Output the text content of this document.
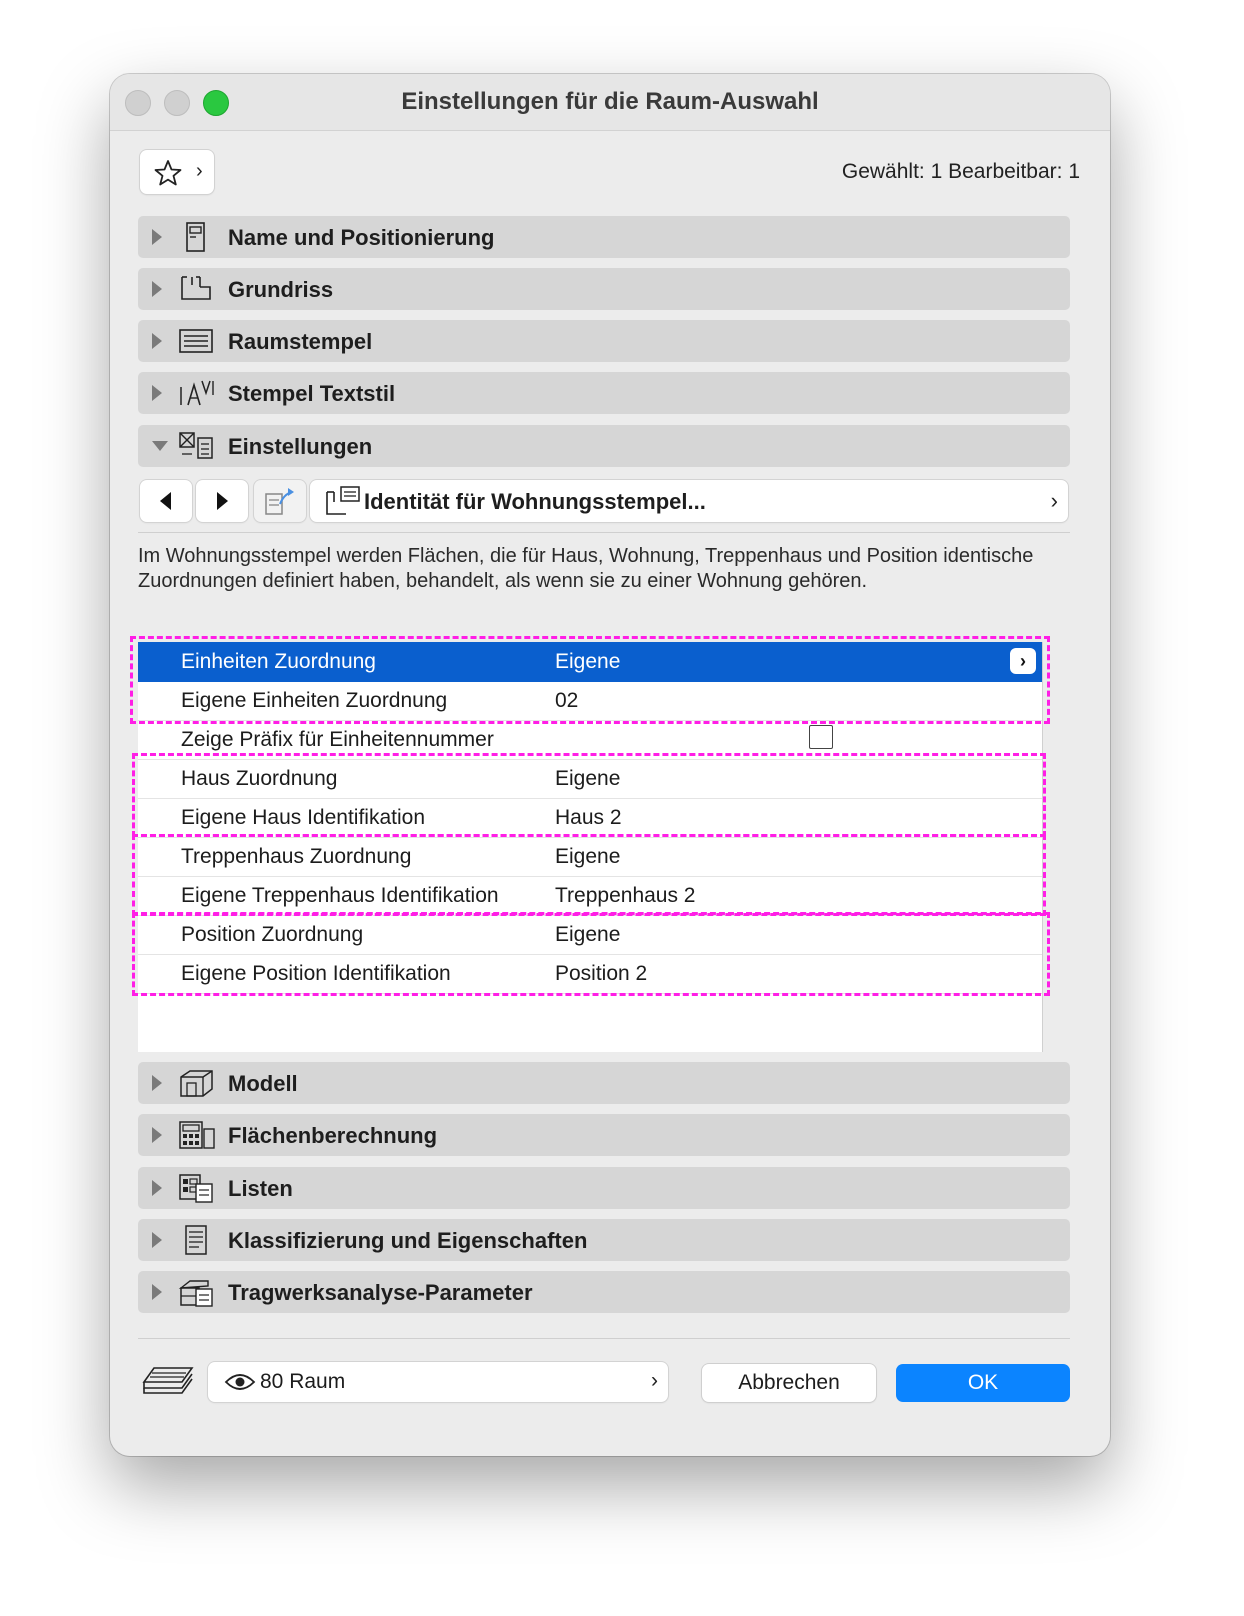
Einstellungen für die Raum-Auswahl
›	Gewählt: 1 Bearbeitbar: 1
Name und Positionierung
Grundriss
Raumstempel
Stempel Textstil
Einstellungen
Identität für Wohnungsstempel...	›
Im Wohnungsstempel werden Flächen, die für Haus, Wohnung, Treppenhaus und Position identische Zuordnungen definiert haben, behandelt, als wenn sie zu einer Wohnung gehören.
Einheiten Zuordnung	Eigene	›
Eigene Einheiten Zuordnung	02
Zeige Präfix für Einheitennummer
Haus Zuordnung	Eigene
Eigene Haus Identifikation	Haus 2
Treppenhaus Zuordnung	Eigene
Eigene Treppenhaus Identifikation	Treppenhaus 2
Position Zuordnung	Eigene
Eigene Position Identifikation	Position 2
Modell
Flächenberechnung
Listen
Klassifizierung und Eigenschaften
Tragwerksanalyse-Parameter
80 Raum	›	Abbrechen	OK
